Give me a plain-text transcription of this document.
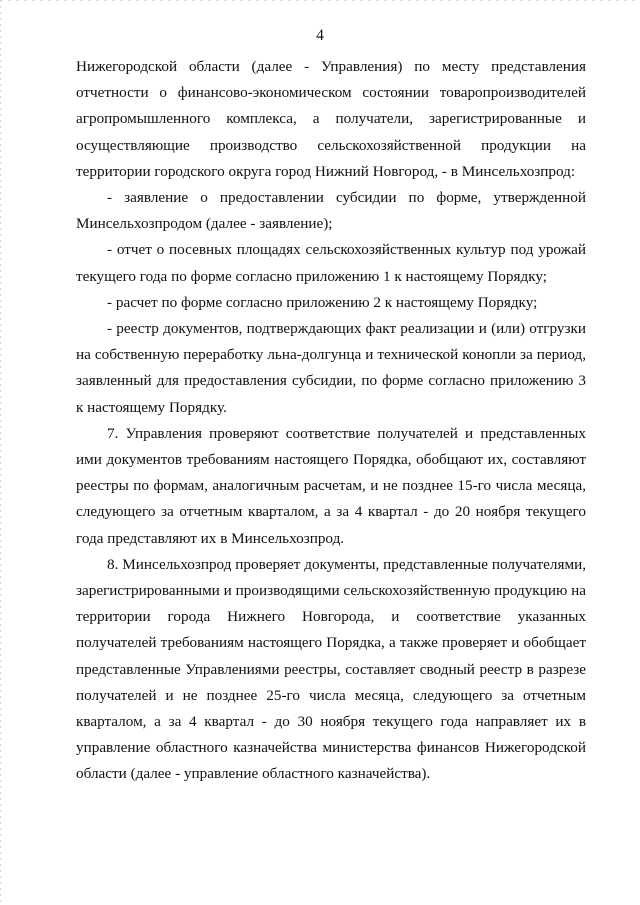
4

Нижегородской области (далее - Управления) по месту представления отчетности о финансово-экономическом состоянии товаропроизводителей агропромышленного комплекса, а получатели, зарегистрированные и осуществляющие производство сельскохозяйственной продукции на территории городского округа город Нижний Новгород, - в Минсельхозпрод:

- заявление о предоставлении субсидии по форме, утвержденной Минсельхозпродом (далее - заявление);

- отчет о посевных площадях сельскохозяйственных культур под урожай текущего года по форме согласно приложению 1 к настоящему Порядку;

- расчет по форме согласно приложению 2 к настоящему Порядку;

- реестр документов, подтверждающих факт реализации и (или) отгрузки на собственную переработку льна-долгунца и технической конопли за период, заявленный для предоставления субсидии, по форме согласно приложению 3 к настоящему Порядку.

7. Управления проверяют соответствие получателей и представленных ими документов требованиям настоящего Порядка, обобщают их, составляют реестры по формам, аналогичным расчетам, и не позднее 15-го числа месяца, следующего за отчетным кварталом, а за 4 квартал - до 20 ноября текущего года представляют их в Минсельхозпрод.

8. Минсельхозпрод проверяет документы, представленные получателями, зарегистрированными и производящими сельскохозяйственную продукцию на территории города Нижнего Новгорода, и соответствие указанных получателей требованиям настоящего Порядка, а также проверяет и обобщает представленные Управлениями реестры, составляет сводный реестр в разрезе получателей и не позднее 25-го числа месяца, следующего за отчетным кварталом, а за 4 квартал - до 30 ноября текущего года направляет их в управление областного казначейства министерства финансов Нижегородской области (далее - управление областного казначейства).
